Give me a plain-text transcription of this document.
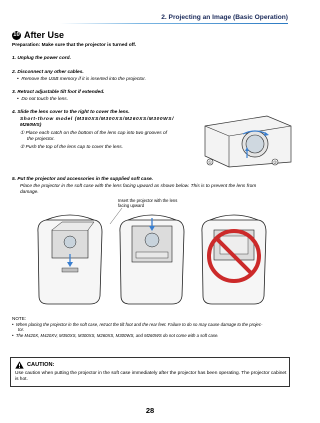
2. Projecting an Image (Basic Operation)
10 After Use
Preparation: Make sure that the projector is turned off.
1. Unplug the power cord.
2. Disconnect any other cables.
•  Remove the USB memory if it is inserted into the projector.
3. Retract adjustable tilt foot if extended.
•  Do not touch the lens.
4. Slide the lens cover to the right to cover the lens.
Short-throw model (M350XS/M300XS/M260XS/M300WS/
M260WS)
① Place each catch on the bottom of the lens cap into two grooves of
the projector.
② Push the top of the lens cap to cover the lens.
①	②
5. Put the projector and accessories in the supplied soft case.
Place the projector in the soft case with the lens facing upward as shown below. This is to prevent the lens from
damage.
Insert the projector with the lens
facing upward
NOTE:
•  When placing the projector in the soft case, retract the tilt foot and the rear feet. Failure to do so may cause damage to the projec-
tor.
•  The M420X, M420XV, M350XS, M300XS, M260XS, M300WS, and M260WS do not come with a soft case.
CAUTION:
Use caution when putting the projector in the soft case immediately after the projector has been operating. The projector cabinet is hot.
28
